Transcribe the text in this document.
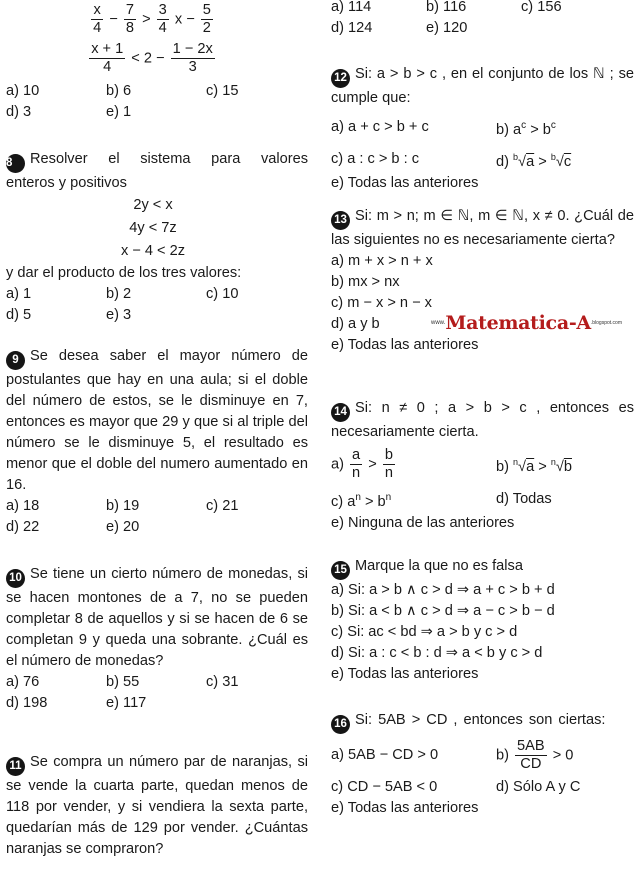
$\frac{x}{4} - \frac{7}{8} > \frac{3}{4}$ $x - \frac{5}{2}$
$\frac{x + 1}{4} < 2 - \frac{1 - 2x}{3}$
a) 10	b) 6	c) 15
d) 3	e) 1

8 Resolver el sistema para valores

enteros y positivos

2y < x
4y < 7z
x − 4 < 2z

y dar el producto de los tres valores:

a) 1	b) 2	c) 10
d) 5	e) 3

9 Se desea saber el mayor número de postulantes que hay en una aula; si el doble del número de estos, se le disminuye en 7, entonces es mayor que 29 y que si al triple del número se le disminuye 5, el resultado es menor que el doble del numero aumentado en 16.

a) 18	b) 19	c) 21
d) 22	e) 20

10 Se tiene un cierto número de monedas, si se hacen montones de a 7, no se pueden completar 8 de aquellos y si se hacen de 6 se completan 9 y queda una sobrante. ¿Cuál es el número de monedas?

a) 76	b) 55	c) 31
d) 198	e) 117

11 Se compra un número par de naranjas, si se vende la cuarta parte, quedan menos de 118 por vender, y si vendiera la sexta parte, quedarían más de 129 por vender. ¿Cuántas naranjas se compraron?

a) 114	b) 116	c) 156
d) 124	e) 120

12 Si: a > b > c , en el conjunto de los ℕ ; se cumple que:

a) a + c > b + c	b) $a^c > b^c$
c) a : c > b : c	d) $^b$√a > $^b$√c

e) Todas las anteriores

13 Si: m > n; m ∈ ℕ, m ∈ ℕ, x ≠ 0. ¿Cuál de las siguientes no es necesariamente cierta?

a) m + x > n + x

b) mx > nx

c) m − x > n − x

d) a y b	www.Matematica-A.blogspot.com

e) Todas las anteriores

14 Si: n ≠ 0 ; a > b > c , entonces es necesariamente cierta.

$a) \frac{a}{n} > \frac{b}{n}$	b) $^n$√a > $^n$√b
c) $a^n > b^n$	d) Todas

e) Ninguna de las anteriores

15 Marque la que no es falsa

a) Si: a > b ∧ c > d ⇒ a + c > b + d

b) Si: a < b ∧ c > d ⇒ a − c > b − d

c) Si: ac < bd ⇒ a > b y c > d

d) Si: a : c < b : d ⇒ a < b y c > d

e) Todas las anteriores

16 Si: 5AB > CD , entonces son ciertas:

a) 5AB − CD > 0	$b) \frac{5AB}{CD} > 0$
c) CD − 5AB < 0	d) Sólo A y C

e) Todas las anteriores
